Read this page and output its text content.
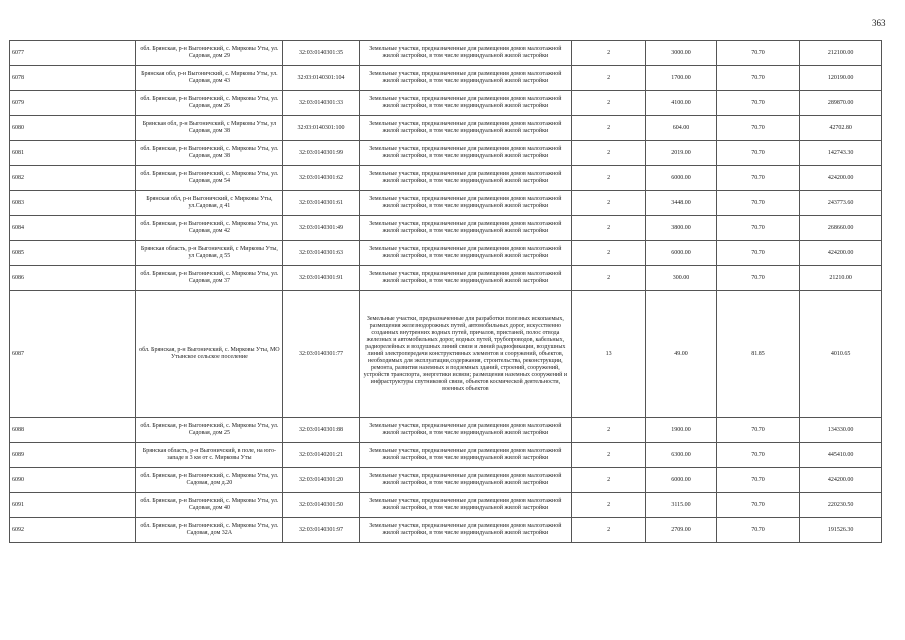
363
6077	обл. Брянская, р-н Выгоничский, с. Мирковы Уты, ул. Садовая, дом 29	32:03:0140301:35	Земельные участки, предназначенные для размещения домов малоэтажной жилой застройки, в том числе индивидуальной жилой застройки	2	3000.00	70.70	212100.00
6078	Брянская обл, р-н Выгоничский, с. Мирковы Уты, ул. Садовая, дом 43	32:03:0140301:104	Земельные участки, предназначенные для размещения домов малоэтажной жилой застройки, в том числе индивидуальной жилой застройки	2	1700.00	70.70	120190.00
6079	обл. Брянская, р-н Выгоничский, с. Мирковы Уты, ул. Садовая, дом 26	32:03:0140301:33	Земельные участки, предназначенные для размещения домов малоэтажной жилой застройки, в том числе индивидуальной жилой застройки	2	4100.00	70.70	289870.00
6080	Брянская обл, р-н Выгоничский, с Мирковы Уты, ул Садовая, дом 38	32:03:0140301:100	Земельные участки, предназначенные для размещения домов малоэтажной жилой застройки, в том числе индивидуальной жилой застройки	2	604.00	70.70	42702.80
6081	обл. Брянская, р-н Выгоничский, с. Мирковы Уты, ул. Садовая, дом 38	32:03:0140301:99	Земельные участки, предназначенные для размещения домов малоэтажной жилой застройки, в том числе индивидуальной жилой застройки	2	2019.00	70.70	142743.30
6082	обл. Брянская, р-н Выгоничский, с. Мирковы Уты, ул. Садовая, дом 54	32:03:0140301:62	Земельные участки, предназначенные для размещения домов малоэтажной жилой застройки, в том числе индивидуальной жилой застройки	2	6000.00	70.70	424200.00
6083	Брянская обл, р-н Выгоничский, с Мирковы Уты, ул.Садовая, д 41	32:03:0140301:61	Земельные участки, предназначенные для размещения домов малоэтажной жилой застройки, в том числе индивидуальной жилой застройки	2	3448.00	70.70	243773.60
6084	обл. Брянская, р-н Выгоничский, с. Мирковы Уты, ул. Садовая, дом 42	32:03:0140301:49	Земельные участки, предназначенные для размещения домов малоэтажной жилой застройки, в том числе индивидуальной жилой застройки	2	3800.00	70.70	268660.00
6085	Брянская область, р-н Выгоничский, с Мирковы Уты, ул Садовая, д 55	32:03:0140301:63	Земельные участки, предназначенные для размещения домов малоэтажной жилой застройки, в том числе индивидуальной жилой застройки	2	6000.00	70.70	424200.00
6086	обл. Брянская, р-н Выгоничский, с. Мирковы Уты, ул. Садовая, дом 37	32:03:0140301:91	Земельные участки, предназначенные для размещения домов малоэтажной жилой застройки, в том числе индивидуальной жилой застройки	2	300.00	70.70	21210.00
6087	обл. Брянская, р-н Выгоничский, с. Мирковы Уты, МО Утынское сельское поселение	32:03:0140301:77	Земельные участки, предназначенные для разработки полезных ископаемых, размещения железнодорожных путей, автомобильных дорог, искусственно созданных внутренних водных путей, причалов, пристаней, полос отвода железных и автомобильных дорог, водных путей, трубопроводов, кабельных, радиорелейных и воздушных линий связи и линий радиофикации, воздушных линий электропередачи конструктивных элементов и сооружений, объектов, необходимых для эксплуатации,содержания, строительства, реконструкции, ремонта, развития наземных и подземных зданий, строений, сооружений, устройств транспорта, энергетики исвязи; размещения наземных сооружений и инфраструктуры спутниковой связи, объектов космической деятельности, военных объектов	13	49.00	81.85	4010.65
6088	обл. Брянская, р-н Выгоничский, с. Мирковы Уты, ул. Садовая, дом 25	32:03:0140301:88	Земельные участки, предназначенные для размещения домов малоэтажной жилой застройки, в том числе индивидуальной жилой застройки	2	1900.00	70.70	134330.00
6089	Брянская область, р-н Выгоничский, в поле, на юго-западе в 3 км от с. Мирковы Уты	32:03:0140201:21	Земельные участки, предназначенные для размещения домов малоэтажной жилой застройки, в том числе индивидуальной жилой застройки	2	6300.00	70.70	445410.00
6090	обл. Брянская, р-н Выгоничский, с. Мирковы Уты, ул. Садовая, дом д.20	32:03:0140301:20	Земельные участки, предназначенные для размещения домов малоэтажной жилой застройки, в том числе индивидуальной жилой застройки	2	6000.00	70.70	424200.00
6091	обл. Брянская, р-н Выгоничский, с. Мирковы Уты, ул. Садовая, дом 40	32:03:0140301:50	Земельные участки, предназначенные для размещения домов малоэтажной жилой застройки, в том числе индивидуальной жилой застройки	2	3115.00	70.70	220230.50
6092	обл. Брянская, р-н Выгоничский, с. Мирковы Уты, ул. Садовая, дом 32А	32:03:0140301:97	Земельные участки, предназначенные для размещения домов малоэтажной жилой застройки, в том числе индивидуальной жилой застройки	2	2709.00	70.70	191526.30
